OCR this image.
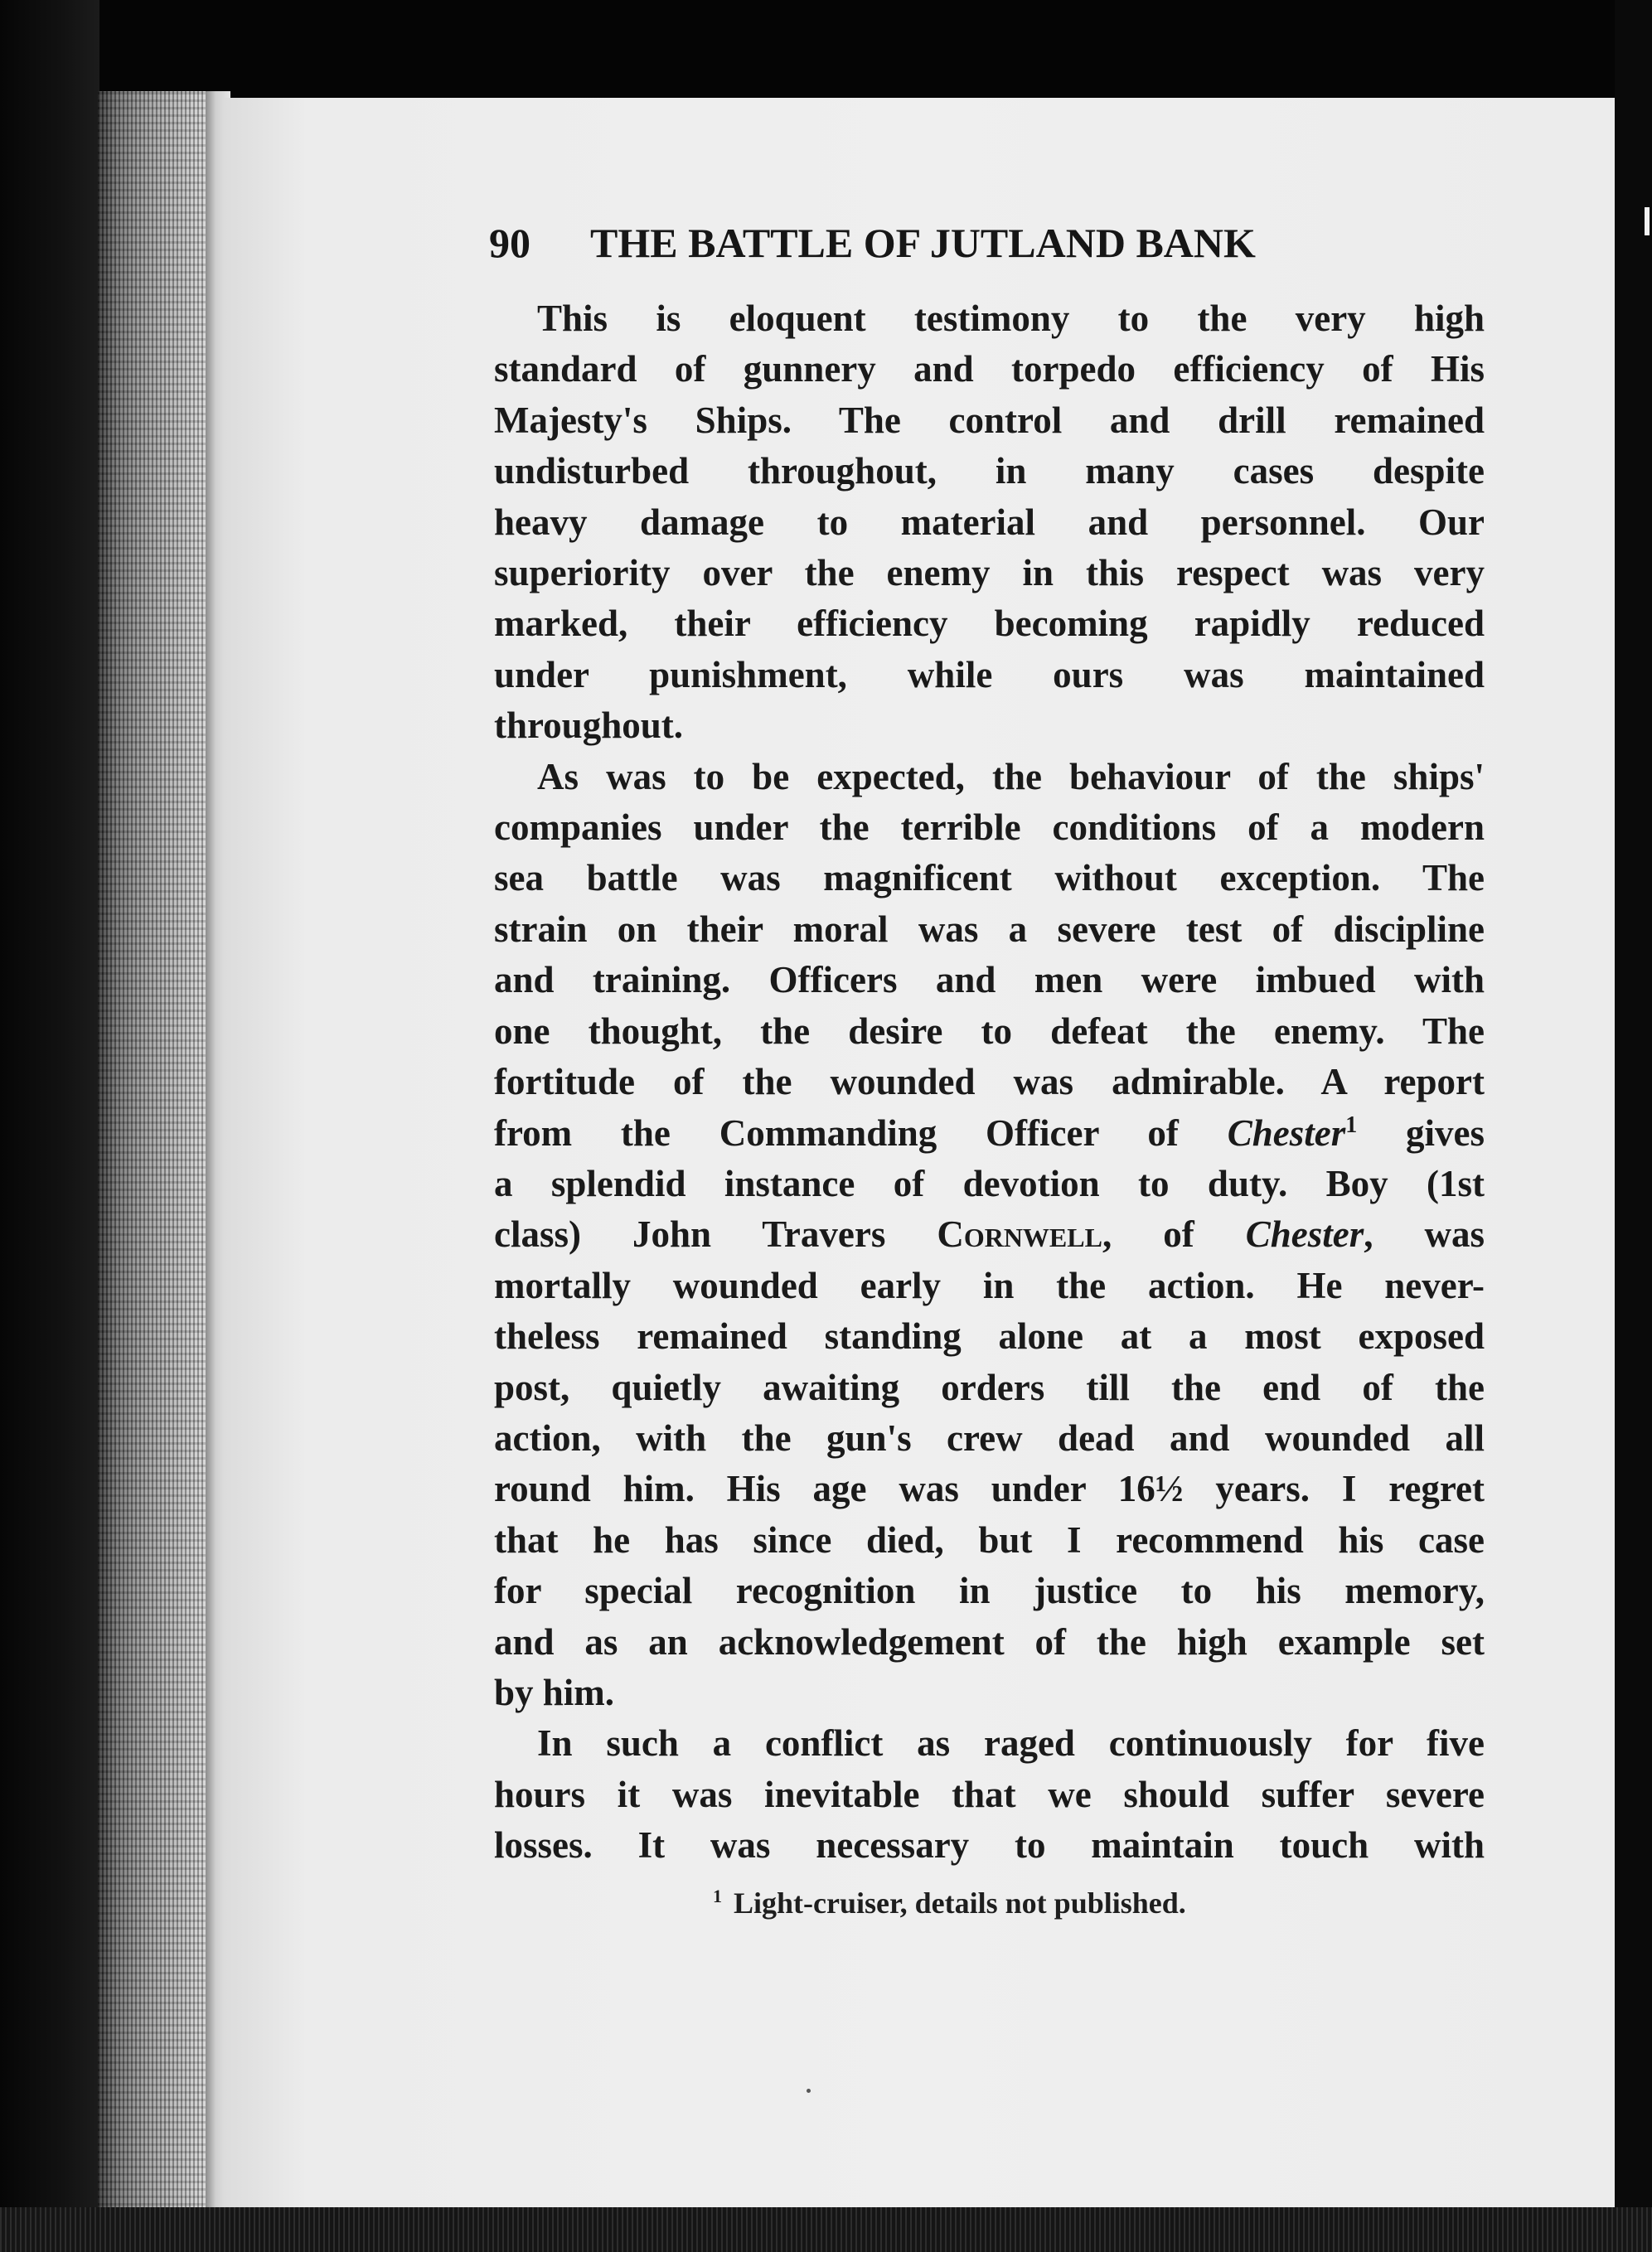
90 THE BATTLE OF JUTLAND BANK

This is eloquent testimony to the very high
standard of gunnery and torpedo efficiency of His
Majesty's Ships. The control and drill remained
undisturbed throughout, in many cases despite
heavy damage to material and personnel. Our
superiority over the enemy in this respect was very
marked, their efficiency becoming rapidly reduced
under punishment, while ours was maintained
throughout.

As was to be expected, the behaviour of the ships'
companies under the terrible conditions of a modern
sea battle was magnificent without exception. The
strain on their moral was a severe test of discipline
and training. Officers and men were imbued with
one thought, the desire to defeat the enemy. The
fortitude of the wounded was admirable. A report
from the Commanding Officer of Chester$^1$ gives
a splendid instance of devotion to duty. Boy (1st
class) John Travers Cornwell, of Chester, was
mortally wounded early in the action. He never-
theless remained standing alone at a most exposed
post, quietly awaiting orders till the end of the
action, with the gun's crew dead and wounded all
round him. His age was under 16½ years. I regret
that he has since died, but I recommend his case
for special recognition in justice to his memory,
and as an acknowledgement of the high example set
by him.

In such a conflict as raged continuously for five
hours it was inevitable that we should suffer severe
losses. It was necessary to maintain touch with

$^1$ Light-cruiser, details not published.
